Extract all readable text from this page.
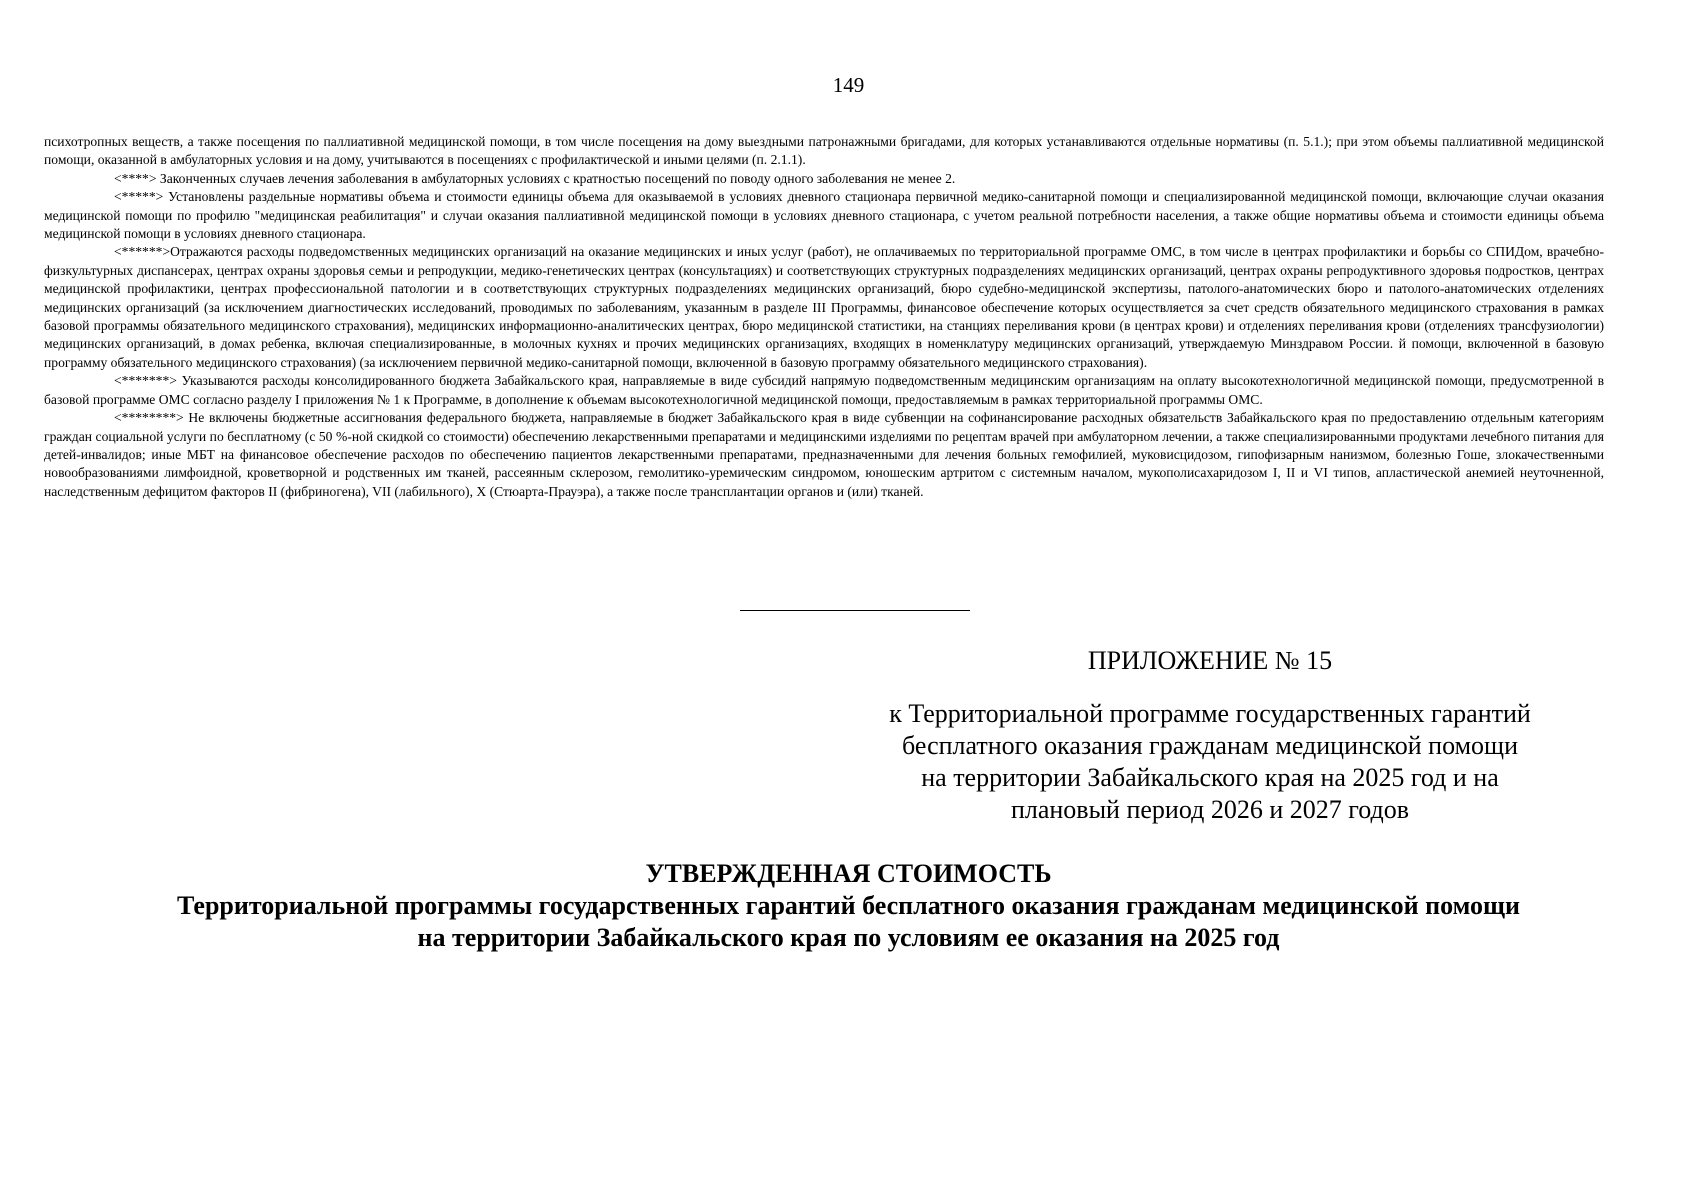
149

психотропных веществ, а также посещения по паллиативной медицинской помощи, в том числе посещения на дому выездными патронажными бригадами, для которых устанавливаются отдельные нормативы (п. 5.1.); при этом объемы паллиативной медицинской помощи, оказанной в амбулаторных условия и на дому, учитываются в посещениях с профилактической и иными целями (п. 2.1.1).

<****> Законченных случаев лечения заболевания в амбулаторных условиях с кратностью посещений по поводу одного заболевания не менее 2.

<*****> Установлены раздельные нормативы объема и стоимости единицы объема для оказываемой в условиях дневного стационара первичной медико-санитарной помощи и специализированной медицинской помощи, включающие случаи оказания медицинской помощи по профилю "медицинская реабилитация" и случаи оказания паллиативной медицинской помощи в условиях дневного стационара, с учетом реальной потребности населения, а также общие нормативы объема и стоимости единицы объема медицинской помощи в условиях дневного стационара.

<******>Отражаются расходы подведомственных медицинских организаций на оказание медицинских и иных услуг (работ), не оплачиваемых по территориальной программе ОМС, в том числе в центрах профилактики и борьбы со СПИДом, врачебно-физкультурных диспансерах, центрах охраны здоровья семьи и репродукции, медико-генетических центрах (консультациях) и соответствующих структурных подразделениях медицинских организаций, центрах охраны репродуктивного здоровья подростков, центрах медицинской профилактики, центрах профессиональной патологии и в соответствующих структурных подразделениях медицинских организаций, бюро судебно-медицинской экспертизы, патолого-анатомических бюро и патолого-анатомических отделениях медицинских организаций (за исключением диагностических исследований, проводимых по заболеваниям, указанным в разделе III Программы, финансовое обеспечение которых осуществляется за счет средств обязательного медицинского страхования в рамках базовой программы обязательного медицинского страхования), медицинских информационно-аналитических центрах, бюро медицинской статистики, на станциях переливания крови (в центрах крови) и отделениях переливания крови (отделениях трансфузиологии) медицинских организаций, в домах ребенка, включая специализированные, в молочных кухнях и прочих медицинских организациях, входящих в номенклатуру медицинских организаций, утверждаемую Минздравом России. й помощи, включенной в базовую программу обязательного медицинского страхования) (за исключением первичной медико-санитарной помощи, включенной в базовую программу обязательного медицинского страхования).

<*******> Указываются расходы консолидированного бюджета Забайкальского края, направляемые в виде субсидий напрямую подведомственным медицинским организациям на оплату высокотехнологичной медицинской помощи, предусмотренной в базовой программе ОМС согласно разделу I приложения № 1 к Программе, в дополнение к объемам высокотехнологичной медицинской помощи, предоставляемым в рамках территориальной программы ОМС.

<********> Не включены бюджетные ассигнования федерального бюджета, направляемые в бюджет Забайкальского края в виде субвенции на софинансирование расходных обязательств Забайкальского края по предоставлению отдельным категориям граждан социальной услуги по бесплатному (с 50 %-ной скидкой со стоимости) обеспечению лекарственными препаратами и медицинскими изделиями по рецептам врачей при амбулаторном лечении, а также специализированными продуктами лечебного питания для детей-инвалидов; иные МБТ на финансовое обеспечение расходов по обеспечению пациентов лекарственными препаратами, предназначенными для лечения больных гемофилией, муковисцидозом, гипофизарным нанизмом, болезнью Гоше, злокачественными новообразованиями лимфоидной, кроветворной и родственных им тканей, рассеянным склерозом, гемолитико-уремическим синдромом, юношеским артритом с системным началом, мукополисахаридозом I, II и VI типов, апластической анемией неуточненной, наследственным дефицитом факторов II (фибриногена), VII (лабильного), X (Стюарта-Прауэра), а также после трансплантации органов и (или) тканей.

ПРИЛОЖЕНИЕ № 15
к Территориальной программе государственных гарантий
бесплатного оказания гражданам медицинской помощи
на территории Забайкальского края на 2025 год и на
плановый период 2026 и 2027 годов
УТВЕРЖДЕННАЯ СТОИМОСТЬ
Территориальной программы государственных гарантий бесплатного оказания гражданам медицинской помощи
на территории Забайкальского края по условиям ее оказания на 2025 год
